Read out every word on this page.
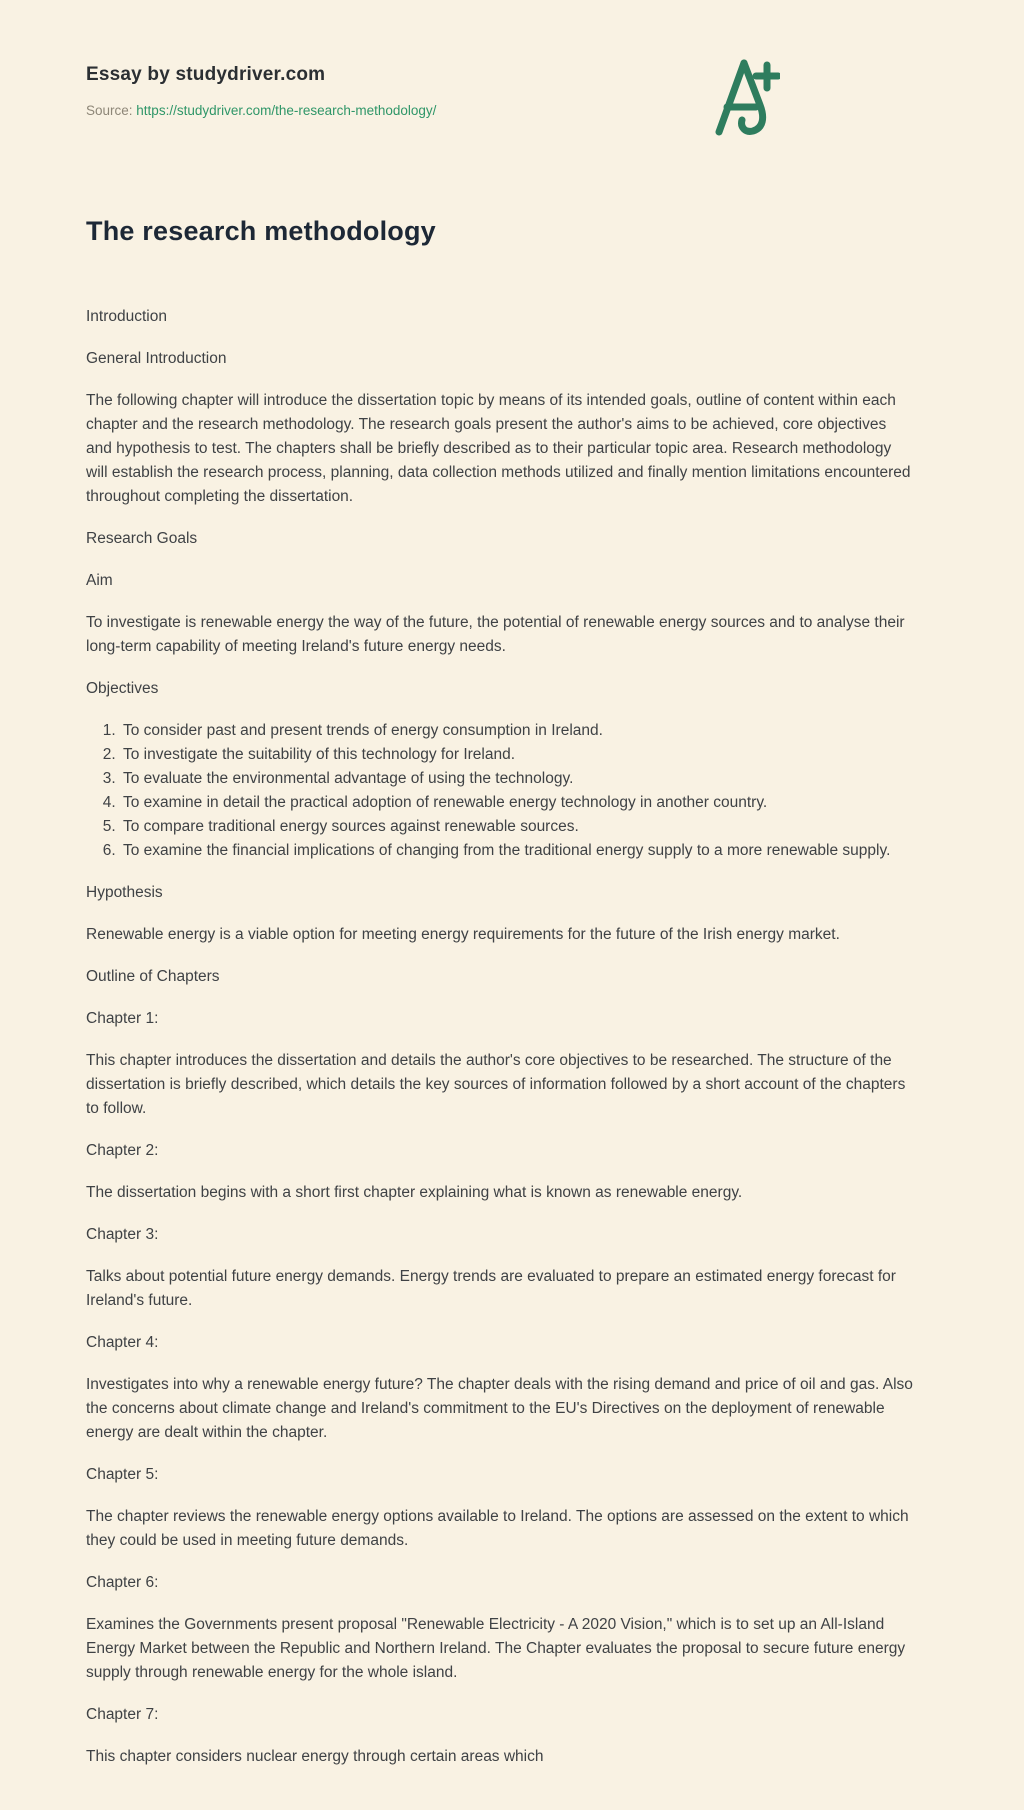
Essay by studydriver.com

Source: https://studydriver.com/the-research-methodology/

The research methodology

Introduction

General Introduction

The following chapter will introduce the dissertation topic by means of its intended goals, outline of content within each chapter and the research methodology. The research goals present the author's aims to be achieved, core objectives and hypothesis to test. The chapters shall be briefly described as to their particular topic area. Research methodology will establish the research process, planning, data collection methods utilized and finally mention limitations encountered throughout completing the dissertation.

Research Goals

Aim

To investigate is renewable energy the way of the future, the potential of renewable energy sources and to analyse their long-term capability of meeting Ireland's future energy needs.

Objectives

1. To consider past and present trends of energy consumption in Ireland.
2. To investigate the suitability of this technology for Ireland.
3. To evaluate the environmental advantage of using the technology.
4. To examine in detail the practical adoption of renewable energy technology in another country.
5. To compare traditional energy sources against renewable sources.
6. To examine the financial implications of changing from the traditional energy supply to a more renewable supply.

Hypothesis

Renewable energy is a viable option for meeting energy requirements for the future of the Irish energy market.

Outline of Chapters

Chapter 1:

This chapter introduces the dissertation and details the author's core objectives to be researched. The structure of the dissertation is briefly described, which details the key sources of information followed by a short account of the chapters to follow.

Chapter 2:

The dissertation begins with a short first chapter explaining what is known as renewable energy.

Chapter 3:

Talks about potential future energy demands. Energy trends are evaluated to prepare an estimated energy forecast for Ireland's future.

Chapter 4:

Investigates into why a renewable energy future? The chapter deals with the rising demand and price of oil and gas. Also the concerns about climate change and Ireland's commitment to the EU's Directives on the deployment of renewable energy are dealt within the chapter.

Chapter 5:

The chapter reviews the renewable energy options available to Ireland. The options are assessed on the extent to which they could be used in meeting future demands.

Chapter 6:

Examines the Governments present proposal "Renewable Electricity - A 2020 Vision," which is to set up an All-Island Energy Market between the Republic and Northern Ireland. The Chapter evaluates the proposal to secure future energy supply through renewable energy for the whole island.

Chapter 7:

This chapter considers nuclear energy through certain areas which
